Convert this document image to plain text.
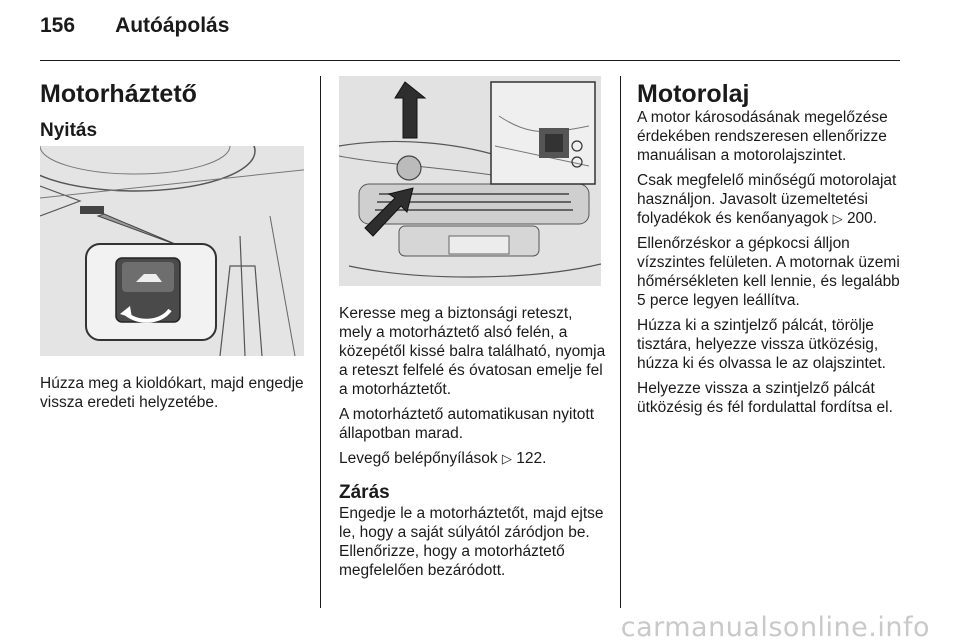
156 Autóápolás
Motorháztető
Nyitás

Húzza meg a kioldókart, majd engedje vissza eredeti helyzetébe.

Keresse meg a biztonsági reteszt, mely a motorháztető alsó felén, a közepétől kissé balra található, nyomja a reteszt felfelé és óvatosan emelje fel a motorháztetőt.

A motorháztető automatikusan nyitott állapotban marad.

Levegő belépőnyílások ▷ 122.

Zárás

Engedje le a motorháztetőt, majd ejtse le, hogy a saját súlyától záródjon be. Ellenőrizze, hogy a motorháztető megfelelően bezáródott.

Motorolaj

A motor károsodásának megelőzése érdekében rendszeresen ellenőrizze manuálisan a motorolajszintet.

Csak megfelelő minőségű motorolajat használjon. Javasolt üzemeltetési folyadékok és kenőanyagok ▷ 200.

Ellenőrzéskor a gépkocsi álljon vízszintes felületen. A motornak üzemi hőmérsékleten kell lennie, és legalább 5 perce legyen leállítva.

Húzza ki a szintjelző pálcát, törölje tisztára, helyezze vissza ütközésig, húzza ki és olvassa le az olajszintet.

Helyezze vissza a szintjelző pálcát ütközésig és fél fordulattal fordítsa el.

carmanualsonline.info
